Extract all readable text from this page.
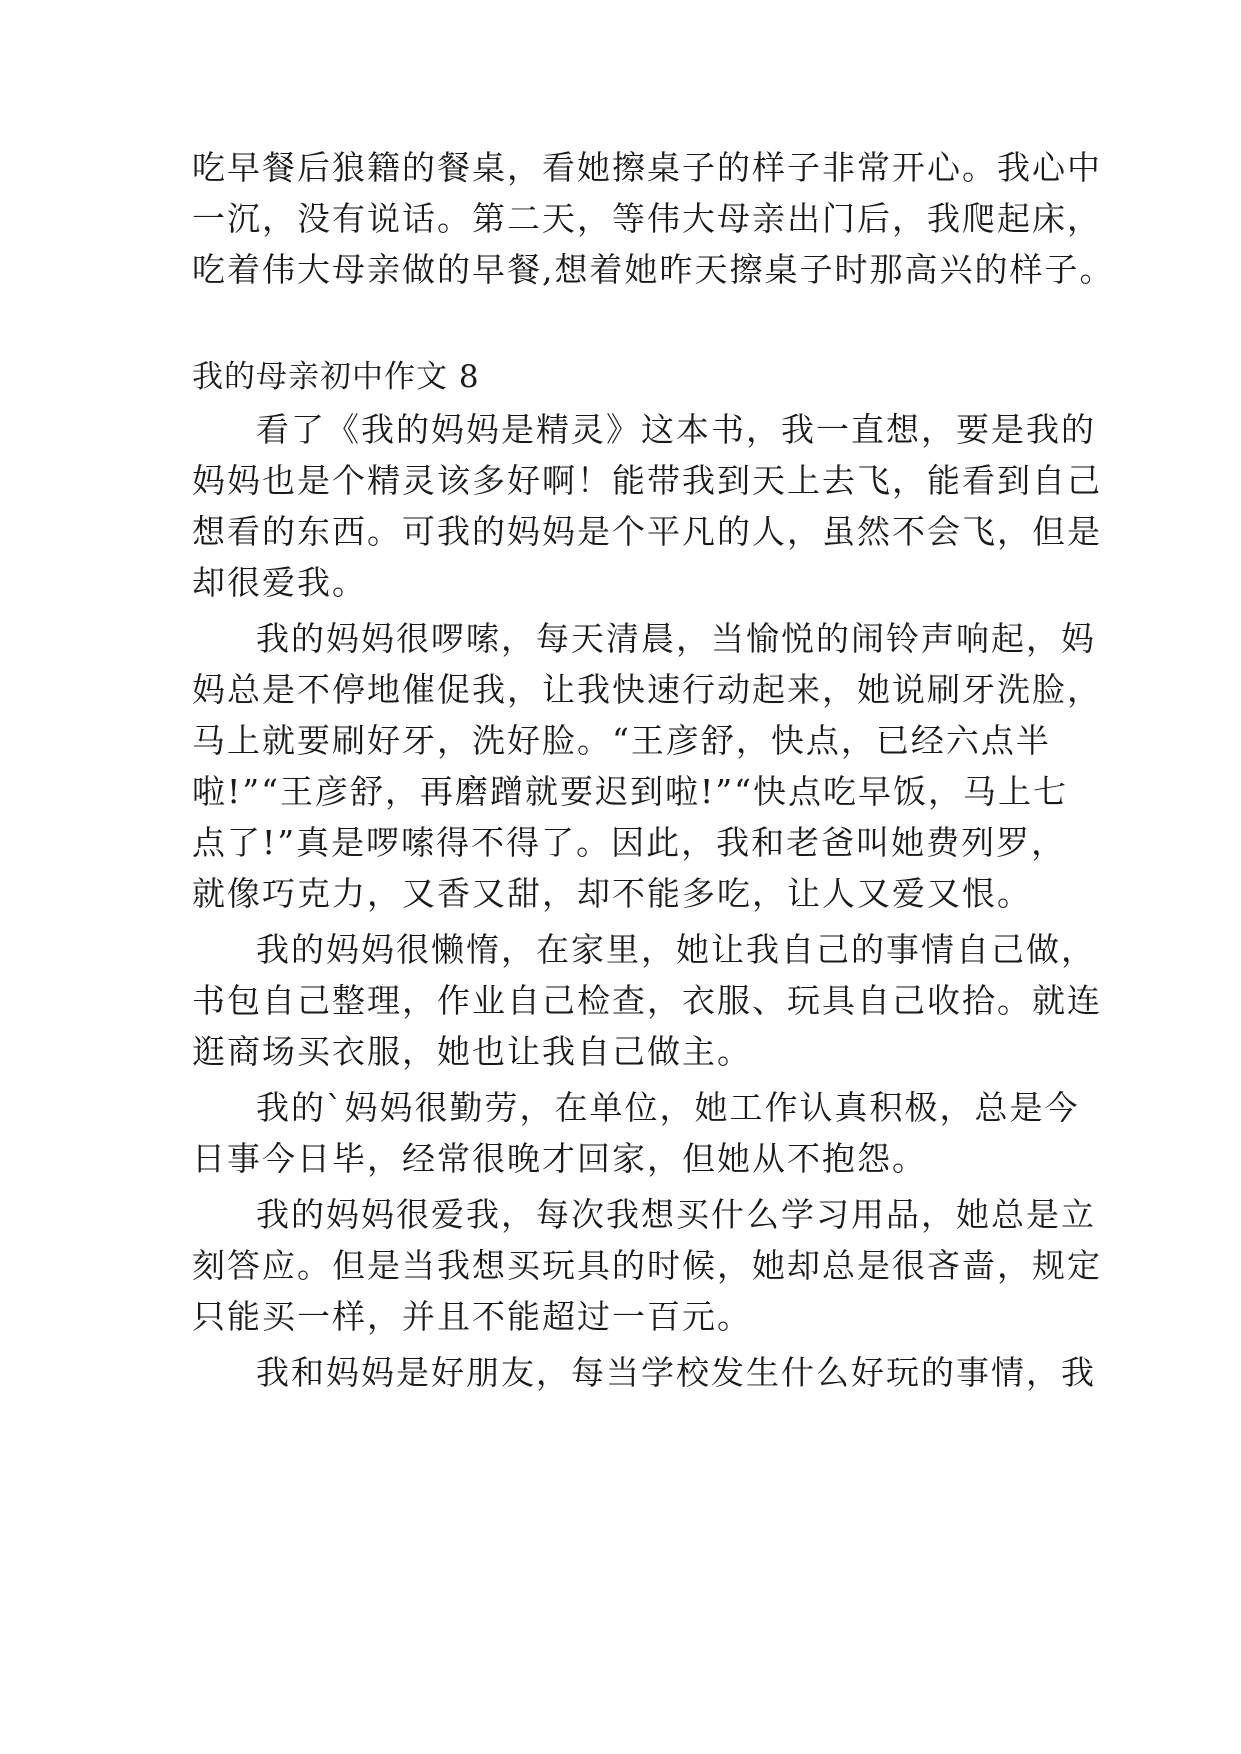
吃早餐后狼籍的餐桌，看她擦桌子的样子非常开心。我心中
一沉，没有说话。第二天，等伟大母亲出门后，我爬起床，
吃着伟大母亲做的早餐,想着她昨天擦桌子时那高兴的样子。
我的母亲初中作文 8
看了《我的妈妈是精灵》这本书，我一直想，要是我的
妈妈也是个精灵该多好啊！能带我到天上去飞，能看到自己
想看的东西。可我的妈妈是个平凡的人，虽然不会飞，但是
却很爱我。
我的妈妈很啰嗦，每天清晨，当愉悦的闹铃声响起，妈
妈总是不停地催促我，让我快速行动起来，她说刷牙洗脸，
马上就要刷好牙，洗好脸。“王彦舒，快点，已经六点半
啦!”“王彦舒，再磨蹭就要迟到啦!”“快点吃早饭，马上七
点了!”真是啰嗦得不得了。因此，我和老爸叫她费列罗，
就像巧克力，又香又甜，却不能多吃，让人又爱又恨。
我的妈妈很懒惰，在家里，她让我自己的事情自己做，
书包自己整理，作业自己检查，衣服、玩具自己收拾。就连
逛商场买衣服，她也让我自己做主。
我的`妈妈很勤劳，在单位，她工作认真积极，总是今
日事今日毕，经常很晚才回家，但她从不抱怨。
我的妈妈很爱我，每次我想买什么学习用品，她总是立
刻答应。但是当我想买玩具的时候，她却总是很吝啬，规定
只能买一样，并且不能超过一百元。
我和妈妈是好朋友，每当学校发生什么好玩的事情，我
